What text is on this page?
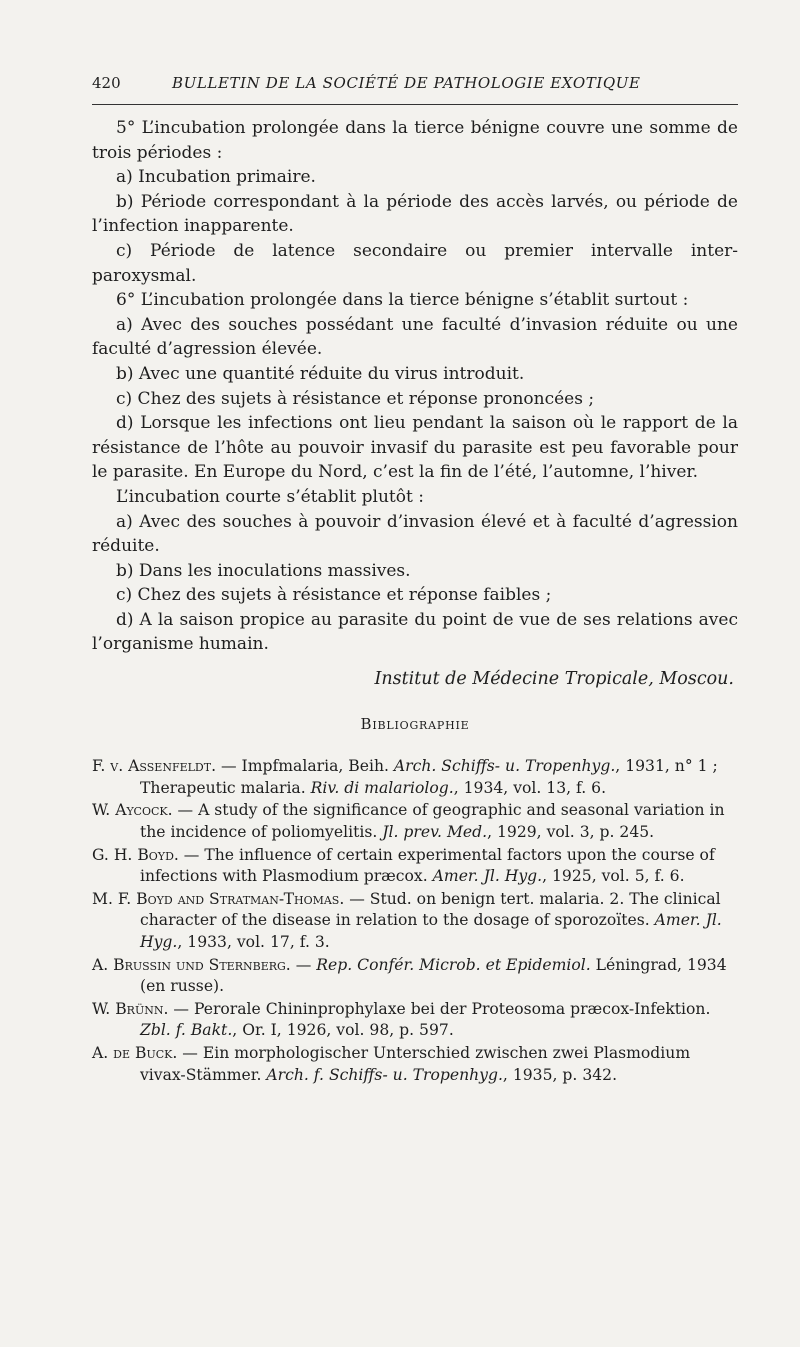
420	BULLETIN DE LA SOCIÉTÉ DE PATHOLOGIE EXOTIQUE

5° L’incubation prolongée dans la tierce bénigne couvre une somme de trois périodes :

a) Incubation primaire.

b) Période correspondant à la période des accès larvés, ou période de l’infection inapparente.

c) Période de latence secondaire ou premier intervalle inter-paroxysmal.

6° L’incubation prolongée dans la tierce bénigne s’établit surtout :

a) Avec des souches possédant une faculté d’invasion réduite ou une faculté d’agression élevée.

b) Avec une quantité réduite du virus introduit.

c) Chez des sujets à résistance et réponse prononcées ;

d) Lorsque les infections ont lieu pendant la saison où le rapport de la résistance de l’hôte au pouvoir invasif du parasite est peu favorable pour le parasite. En Europe du Nord, c’est la fin de l’été, l’automne, l’hiver.

L’incubation courte s’établit plutôt :

a) Avec des souches à pouvoir d’invasion élevé et à faculté d’agression réduite.

b) Dans les inoculations massives.

c) Chez des sujets à résistance et réponse faibles ;

d) A la saison propice au parasite du point de vue de ses relations avec l’organisme humain.

Institut de Médecine Tropicale, Moscou.

Bibliographie

F. v. Assenfeldt. — Impfmalaria, Beih. Arch. Schiffs- u. Tropenhyg., 1931, n° 1 ; Therapeutic malaria. Riv. di malariolog., 1934, vol. 13, f. 6.

W. Aycock. — A study of the significance of geographic and seasonal variation in the incidence of poliomyelitis. Jl. prev. Med., 1929, vol. 3, p. 245.

G. H. Boyd. — The influence of certain experimental factors upon the course of infections with Plasmodium præcox. Amer. Jl. Hyg., 1925, vol. 5, f. 6.

M. F. Boyd and Stratman-Thomas. — Stud. on benign tert. malaria. 2. The clinical character of the disease in relation to the dosage of sporozoïtes. Amer. Jl. Hyg., 1933, vol. 17, f. 3.

A. Brussin und Sternberg. — Rep. Confér. Microb. et Epidemiol. Léningrad, 1934 (en russe).

W. Brünn. — Perorale Chininprophylaxe bei der Proteosoma præcox-Infektion. Zbl. f. Bakt., Or. I, 1926, vol. 98, p. 597.

A. de Buck. — Ein morphologischer Unterschied zwischen zwei Plasmodium vivax-Stämmer. Arch. f. Schiffs- u. Tropenhyg., 1935, p. 342.
